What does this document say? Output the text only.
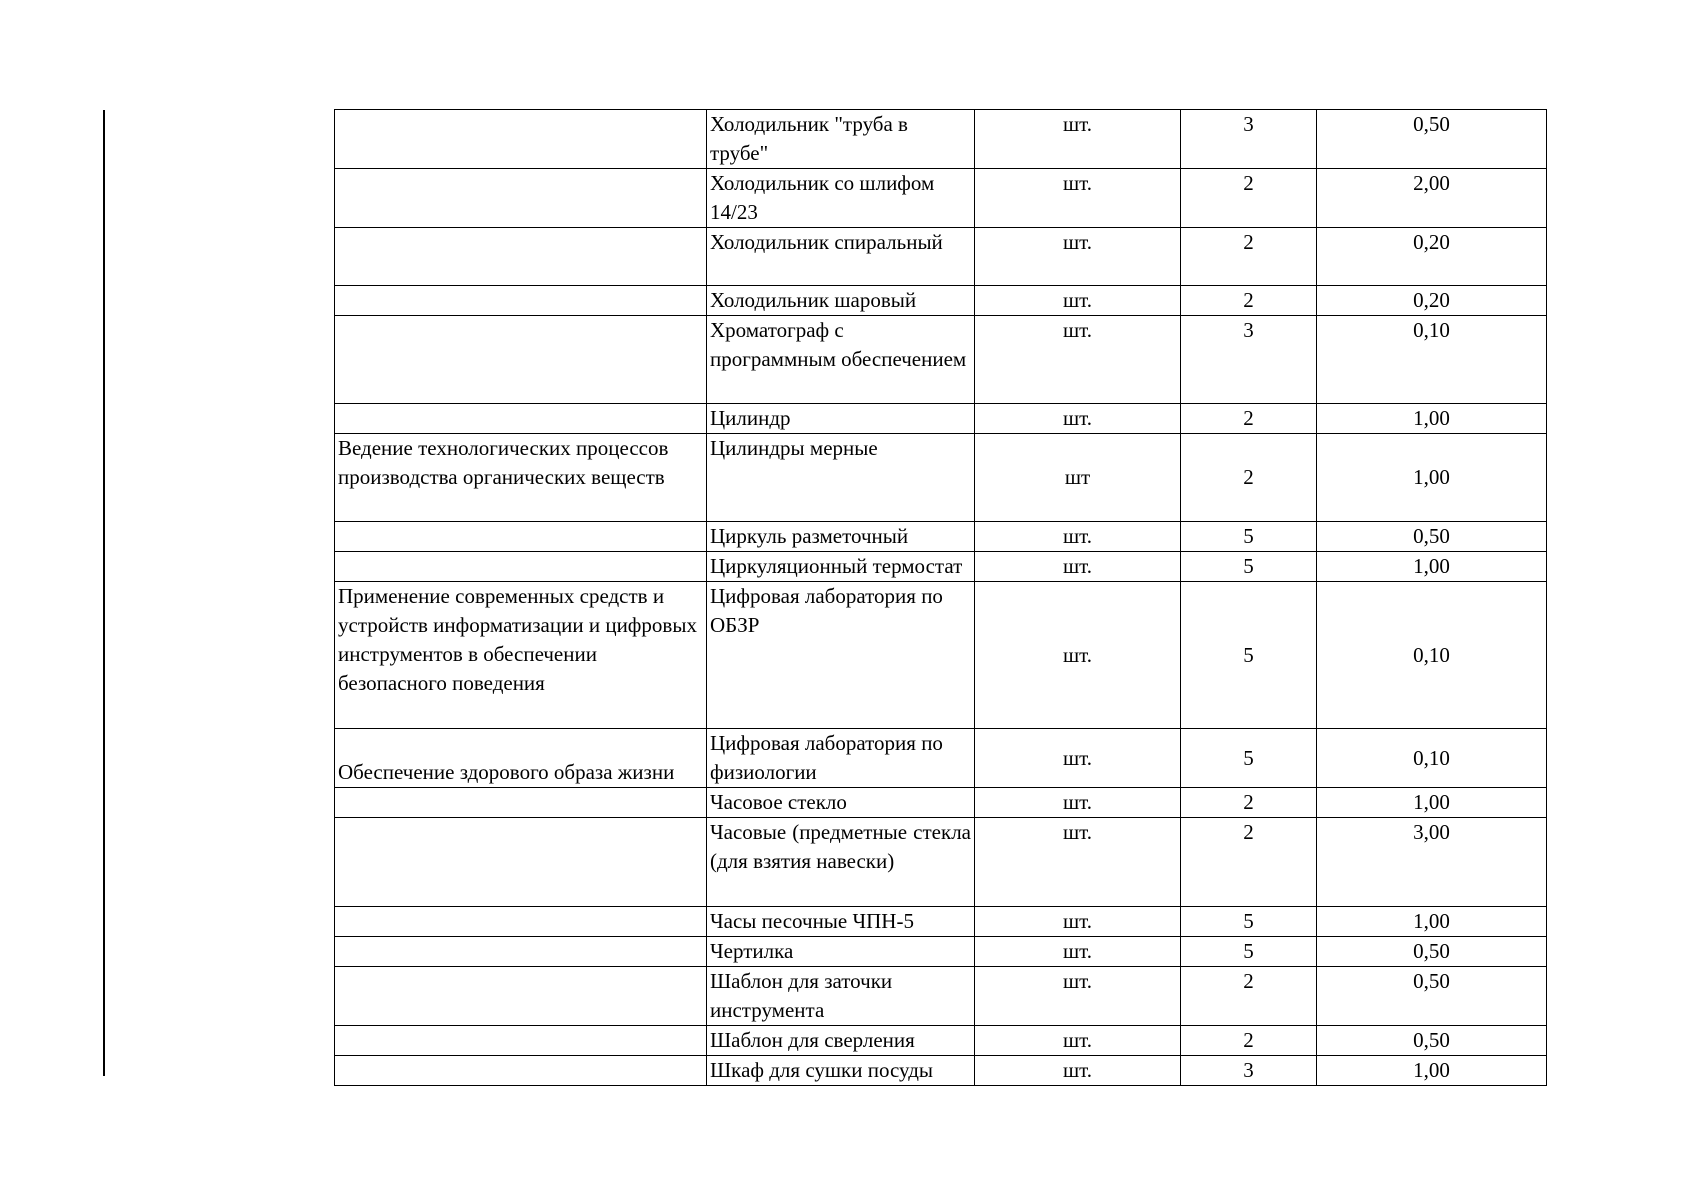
	Холодильник "труба в трубе"	шт.	3	0,50
	Холодильник со шлифом 14/23	шт.	2	2,00
	Холодильник спиральный	шт.	2	0,20
	Холодильник шаровый	шт.	2	0,20
	Хроматограф с программным обеспечением	шт.	3	0,10
	Цилиндр	шт.	2	1,00
Ведение технологических процессов производства органических веществ	Цилиндры мерные	шт	2	1,00
	Циркуль разметочный	шт.	5	0,50
	Циркуляционный термостат	шт.	5	1,00
Применение современных средств и устройств информатизации и цифровых инструментов в обеспечении безопасного поведения	Цифровая лаборатория по ОБЗР	шт.	5	0,10
Обеспечение здорового образа жизни	Цифровая лаборатория по физиологии	шт.	5	0,10
	Часовое стекло	шт.	2	1,00
	Часовые (предметные стекла (для взятия навески)	шт.	2	3,00
	Часы песочные ЧПН-5	шт.	5	1,00
	Чертилка	шт.	5	0,50
	Шаблон для заточки инструмента	шт.	2	0,50
	Шаблон для сверления	шт.	2	0,50
	Шкаф для сушки посуды	шт.	3	1,00
